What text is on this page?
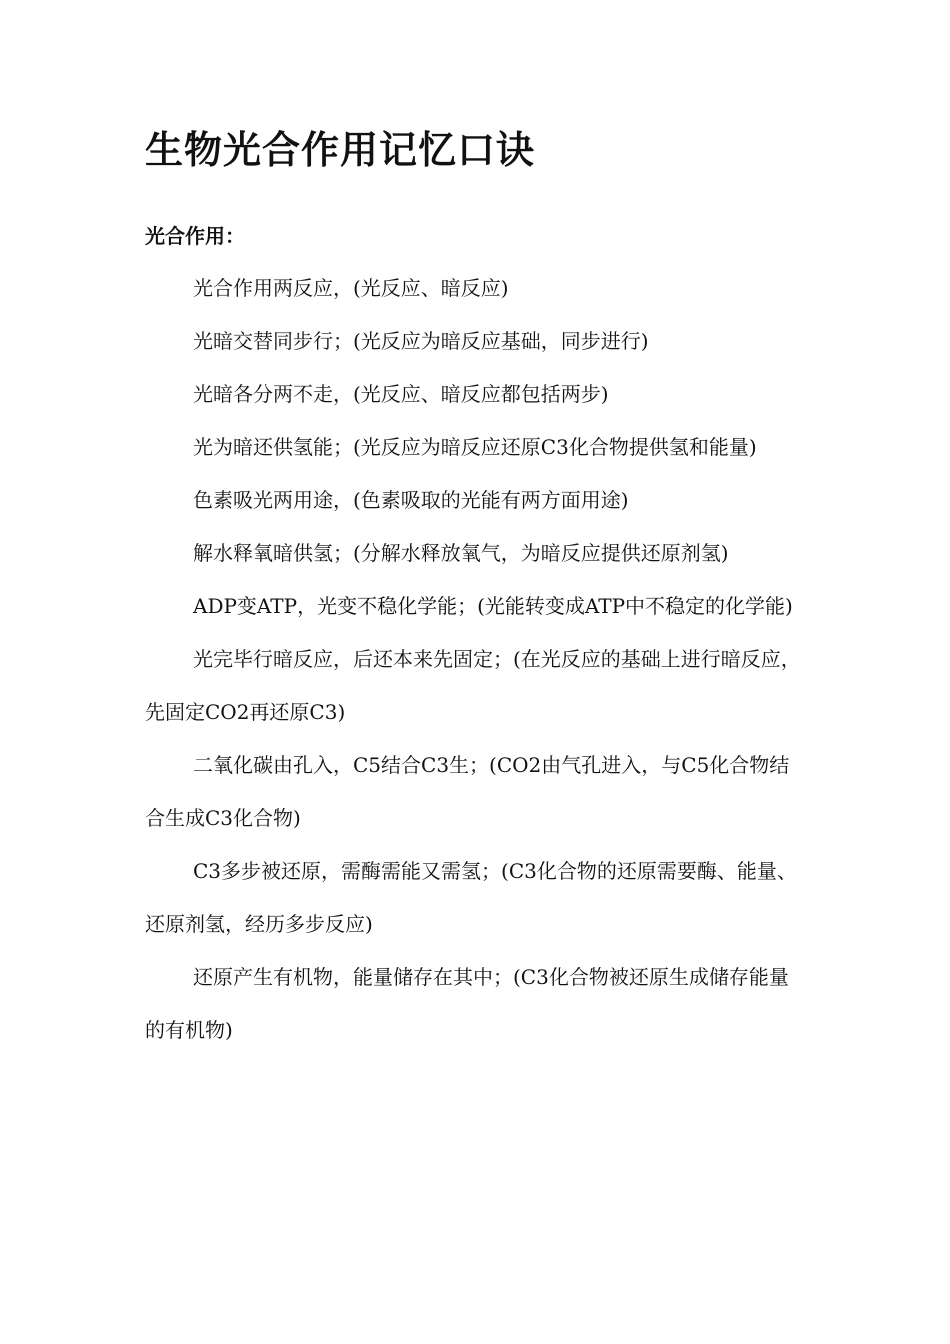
生物光合作用记忆口诀
光合作用：

光合作用两反应，(光反应、暗反应)

光暗交替同步行；(光反应为暗反应基础，同步进行)

光暗各分两不走，(光反应、暗反应都包括两步)

光为暗还供氢能；(光反应为暗反应还原C3化合物提供氢和能量)

色素吸光两用途，(色素吸取的光能有两方面用途)

解水释氧暗供氢；(分解水释放氧气，为暗反应提供还原剂氢)

ADP变ATP，光变不稳化学能；(光能转变成ATP中不稳定的化学能)

光完毕行暗反应，后还本来先固定；(在光反应的基础上进行暗反应，先固定CO2再还原C3)

二氧化碳由孔入，C5结合C3生；(CO2由气孔进入，与C5化合物结合生成C3化合物)

C3多步被还原，需酶需能又需氢；(C3化合物的还原需要酶、能量、还原剂氢，经历多步反应)

还原产生有机物，能量储存在其中；(C3化合物被还原生成储存能量的有机物)
